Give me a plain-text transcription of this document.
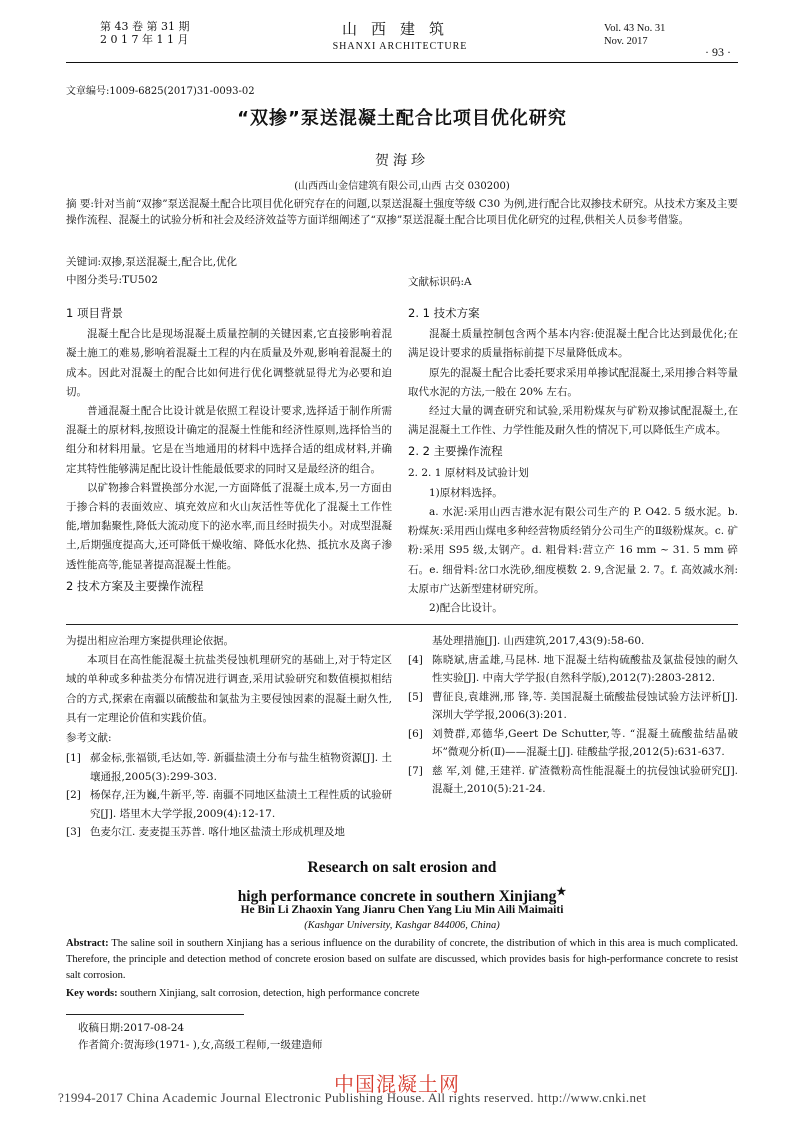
第 43 卷 第 31 期
2 0 1 7 年 1 1 月
山西建筑
SHANXI ARCHITECTURE
Vol. 43 No. 31
Nov. 2017
· 93 ·
文章编号:1009-6825(2017)31-0093-02
“双掺”泵送混凝土配合比项目优化研究
贺海珍
(山西西山金信建筑有限公司,山西 古交 030200)
摘 要:针对当前“双掺”泵送混凝土配合比项目优化研究存在的问题,以泵送混凝土强度等级 C30 为例,进行配合比双掺技术研究。从技术方案及主要操作流程、混凝土的试验分析和社会及经济效益等方面详细阐述了“双掺”泵送混凝土配合比项目优化研究的过程,供相关人员参考借鉴。
关键词:双掺,泵送混凝土,配合比,优化
中图分类号:TU502	文献标识码:A
1 项目背景

混凝土配合比是现场混凝土质量控制的关键因素,它直接影响着混凝土施工的难易,影响着混凝土工程的内在质量及外观,影响着混凝土的成本。因此对混凝土的配合比如何进行优化调整就显得尤为必要和迫切。

普通混凝土配合比设计就是依照工程设计要求,选择适于制作所需混凝土的原材料,按照设计确定的混凝土性能和经济性原则,选择恰当的组分和材料用量。它是在当地通用的材料中选择合适的组成材料,并确定其特性能够满足配比设计性能最低要求的同时又是最经济的组合。

以矿物掺合料置换部分水泥,一方面降低了混凝土成本,另一方面由于掺合料的表面效应、填充效应和火山灰活性等优化了混凝土工作性能,增加黏聚性,降低大流动度下的泌水率,而且经时损失小。对成型混凝土,后期强度提高大,还可降低干燥收缩、降低水化热、抵抗水及离子渗透性能高等,能显著提高混凝土性能。

2 技术方案及主要操作流程
2. 1 技术方案

混凝土质量控制包含两个基本内容:使混凝土配合比达到最优化;在满足设计要求的质量指标前提下尽量降低成本。

原先的混凝土配合比委托要求采用单掺试配混凝土,采用掺合料等量取代水泥的方法,一般在 20% 左右。

经过大量的调查研究和试验,采用粉煤灰与矿粉双掺试配混凝土,在满足混凝土工作性、力学性能及耐久性的情况下,可以降低生产成本。

2. 2 主要操作流程
2. 2. 1 原材料及试验计划

1)原材料选择。

a. 水泥:采用山西吉港水泥有限公司生产的 P. O42. 5 级水泥。b. 粉煤灰:采用西山煤电多种经营物质经销分公司生产的Ⅱ级粉煤灰。c. 矿粉:采用 S95 级,太钢产。d. 粗骨料:营立产 16 mm ~ 31. 5 mm 碎石。e. 细骨料:岔口水洗砂,细度模数 2. 9,含泥量 2. 7。f. 高效减水剂:太原市广达新型建材研究所。

2)配合比设计。

为提出相应治理方案提供理论依据。

本项目在高性能混凝土抗盐类侵蚀机理研究的基础上,对于特定区域的单种或多种盐类分布情况进行调查,采用试验研究和数值模拟相结合的方式,探索在南疆以硫酸盐和氯盐为主要侵蚀因素的混凝土耐久性,具有一定理论价值和实践价值。

参考文献:
[1] 郝金标,张福锁,毛达如,等. 新疆盐渍土分布与盐生植物资源[J]. 土壤通报,2005(3):299-303.
[2] 杨保存,汪为巍,牛新平,等. 南疆不同地区盐渍土工程性质的试验研究[J]. 塔里木大学学报,2009(4):12-17.
[3] 色麦尔江. 麦麦提玉苏普. 喀什地区盐渍土形成机理及地
基处理措施[J]. 山西建筑,2017,43(9):58-60.
[4] 陈晓斌,唐孟雄,马昆林. 地下混凝土结构硫酸盐及氯盐侵蚀的耐久性实验[J]. 中南大学学报(自然科学版),2012(7):2803-2812.
[5] 曹征良,袁雄洲,邢 锋,等. 美国混凝土硫酸盐侵蚀试验方法评析[J]. 深圳大学学报,2006(3):201.
[6] 刘赞群,邓德华,Geert De Schutter,等. “混凝土硫酸盐结晶破坏”微观分析(Ⅱ)——混凝土[J]. 硅酸盐学报,2012(5):631-637.
[7] 慈 军,刘 健,王建祥. 矿渣微粉高性能混凝土的抗侵蚀试验研究[J]. 混凝土,2010(5):21-24.
Research on salt erosion and
high performance concrete in southern Xinjiang★
He Bin Li Zhaoxin Yang Jianru Chen Yang Liu Min Aili Maimaiti
(Kashgar University, Kashgar 844006, China)
Abstract: The saline soil in southern Xinjiang has a serious influence on the durability of concrete, the distribution of which in this area is much complicated. Therefore, the principle and detection method of concrete erosion based on sulfate are discussed, which provides basis for high-performance concrete to resist salt corrosion.
Key words: southern Xinjiang, salt corrosion, detection, high performance concrete
收稿日期:2017-08-24
作者简介:贺海珍(1971- ),女,高级工程师,一级建造师
中国混凝土网
?1994-2017 China Academic Journal Electronic Publishing House. All rights reserved. http://www.cnki.net
